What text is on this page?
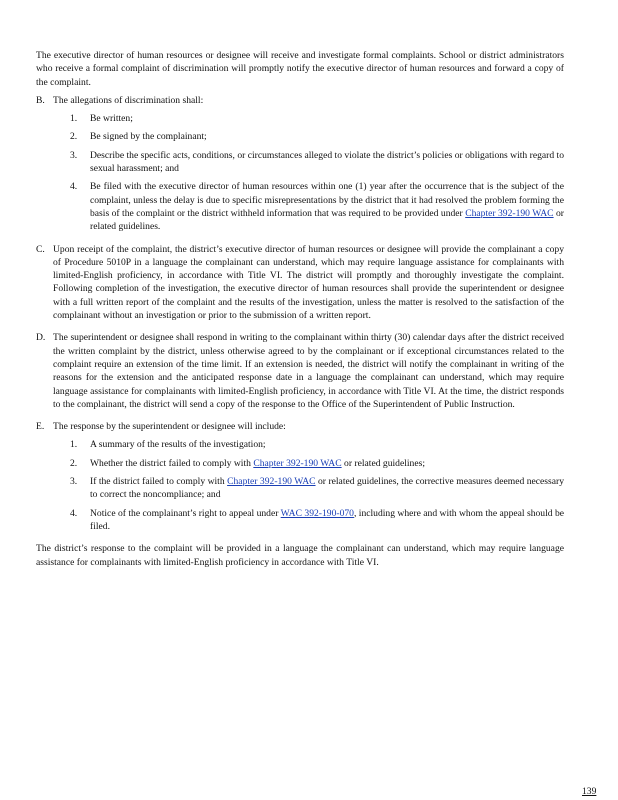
The executive director of human resources or designee will receive and investigate formal complaints. School or district administrators who receive a formal complaint of discrimination will promptly notify the executive director of human resources and forward a copy of the complaint.

B. The allegations of discrimination shall:

1.	Be written;

2.	Be signed by the complainant;

3.	Describe the specific acts, conditions, or circumstances alleged to violate the district’s policies or obligations with regard to sexual harassment; and

4.	Be filed with the executive director of human resources within one (1) year after the occurrence that is the subject of the complaint, unless the delay is due to specific misrepresentations by the district that it had resolved the problem forming the basis of the complaint or the district withheld information that was required to be provided under Chapter 392-190 WAC or related guidelines.

C. Upon receipt of the complaint, the district’s executive director of human resources or designee will provide the complainant a copy of Procedure 5010P in a language the complainant can understand, which may require language assistance for complainants with limited-English proficiency, in accordance with Title VI. The district will promptly and thoroughly investigate the complaint. Following completion of the investigation, the executive director of human resources shall provide the superintendent or designee with a full written report of the complaint and the results of the investigation, unless the matter is resolved to the satisfaction of the complainant without an investigation or prior to the submission of a written report.

D. The superintendent or designee shall respond in writing to the complainant within thirty (30) calendar days after the district received the written complaint by the district, unless otherwise agreed to by the complainant or if exceptional circumstances related to the complaint require an extension of the time limit. If an extension is needed, the district will notify the complainant in writing of the reasons for the extension and the anticipated response date in a language the complainant can understand, which may require language assistance for complainants with limited-English proficiency, in accordance with Title VI. At the time, the district responds to the complainant, the district will send a copy of the response to the Office of the Superintendent of Public Instruction.

E. The response by the superintendent or designee will include:

1.	A summary of the results of the investigation;

2.	Whether the district failed to comply with Chapter 392-190 WAC or related guidelines;

3.	If the district failed to comply with Chapter 392-190 WAC or related guidelines, the corrective measures deemed necessary to correct the noncompliance; and

4.	Notice of the complainant’s right to appeal under WAC 392-190-070, including where and with whom the appeal should be filed.

The district’s response to the complaint will be provided in a language the complainant can understand, which may require language assistance for complainants with limited-English proficiency in accordance with Title VI.

139
